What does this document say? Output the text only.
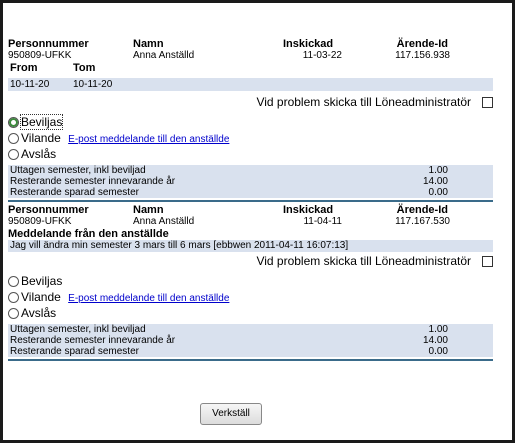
Personnummer	Namn	Inskickad	Ärende-Id
950809-UFKK	Anna Anställd	11-03-22	117.156.938
From	Tom
10-11-20 10-11-20
Vid problem skicka till Löneadministratör
Beviljas
Vilande E-post meddelande till den anställde
Avslås
Uttagen semester, inkl beviljad	1.00
Resterande semester innevarande år	14.00
Resterande sparad semester	0.00
Personnummer	Namn	Inskickad	Ärende-Id
950809-UFKK	Anna Anställd	11-04-11	117.167.530
Meddelande från den anställde
Jag vill ändra min semester 3 mars till 6 mars [ebbwen 2011-04-11 16:07:13]
Vid problem skicka till Löneadministratör
Beviljas
Vilande E-post meddelande till den anställde
Avslås
Uttagen semester, inkl beviljad	1.00
Resterande semester innevarande år	14.00
Resterande sparad semester	0.00
Verkställ
